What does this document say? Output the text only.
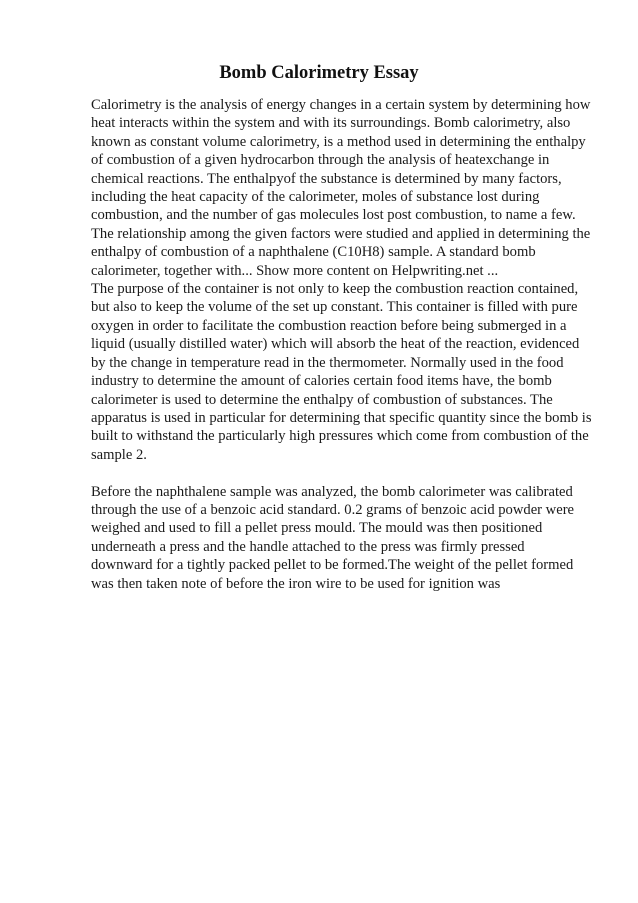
Bomb Calorimetry Essay
Calorimetry is the analysis of energy changes in a certain system by determining how
heat interacts within the system and with its surroundings. Bomb calorimetry, also
known as constant volume calorimetry, is a method used in determining the enthalpy
of combustion of a given hydrocarbon through the analysis of heatexchange in
chemical reactions. The enthalpyof the substance is determined by many factors,
including the heat capacity of the calorimeter, moles of substance lost during
combustion, and the number of gas molecules lost post combustion, to name a few.
The relationship among the given factors were studied and applied in determining the
enthalpy of combustion of a naphthalene (C10H8) sample. A standard bomb
calorimeter, together with... Show more content on Helpwriting.net ...
The purpose of the container is not only to keep the combustion reaction contained,
but also to keep the volume of the set up constant. This container is filled with pure
oxygen in order to facilitate the combustion reaction before being submerged in a
liquid (usually distilled water) which will absorb the heat of the reaction, evidenced
by the change in temperature read in the thermometer. Normally used in the food
industry to determine the amount of calories certain food items have, the bomb
calorimeter is used to determine the enthalpy of combustion of substances. The
apparatus is used in particular for determining that specific quantity since the bomb is
built to withstand the particularly high pressures which come from combustion of the
sample 2.
Before the naphthalene sample was analyzed, the bomb calorimeter was calibrated
through the use of a benzoic acid standard. 0.2 grams of benzoic acid powder were
weighed and used to fill a pellet press mould. The mould was then positioned
underneath a press and the handle attached to the press was firmly pressed
downward for a tightly packed pellet to be formed.The weight of the pellet formed
was then taken note of before the iron wire to be used for ignition was
